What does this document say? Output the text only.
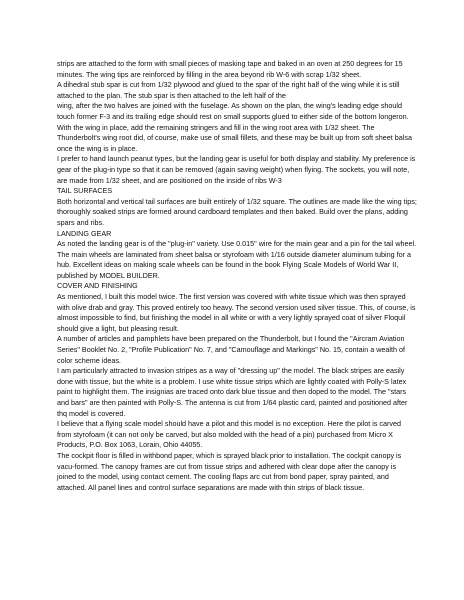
strips are attached to the form with small pieces of masking tape and baked in an oven at 250 degrees for 15 minutes. The wing tips are reinforced by filling in the area beyond rib W-6 with scrap 1/32 sheet.

A dihedral stub spar is cut from 1/32 plywood and glued to the spar of the right half of the wing while it is still attached to the plan. The stub spar is then attached to the left half of the

wing, after the two halves are joined with the fuselage. As shown on the plan, the wing's leading edge should touch former F-3 and its trailing edge should rest on small supports glued to either side of the bottom longeron. With the wing in place, add the remaining stringers and fill in the wing root area with 1/32 sheet. The Thunderbolt's wing root did, of course, make use of small fillets, and these may be built up from soft sheet balsa once the wing is in place.

I prefer to hand launch peanut types, but the landing gear is useful for both display and stability. My preference is gear of the plug-in type so that it can be removed (again saving weight) when flying. The sockets, you will note, are made from 1/32 sheet, and are positioned on the inside of ribs W-3

TAIL SURFACES

Both horizontal and vertical tail surfaces are built entirely of 1/32 square. The outlines are made like the wing tips; thoroughly soaked strips are formed around cardboard templates and then baked. Build over the plans, adding spars and ribs.

LANDING GEAR

As noted the landing gear is of the "plug-in" variety. Use 0.015" wire for the main gear and a pin for the tail wheel. The main wheels are laminated from sheet balsa or styrofoam with 1/16 outside diameter aluminum tubing for a hub. Excellent ideas on making scale wheels can be found in the book Flying Scale Models of World War II, published by MODEL BUILDER.

COVER AND FINISHING

As mentioned, I built this model twice. The first version was covered with white tissue which was then sprayed with olive drab and gray. This proved entirely too heavy. The second version used silver tissue. This, of course, is almost impossible to find, but finishing the model in all white or with a very lightly sprayed coat of silver Floquil should give a light, but pleasing result.

A number of articles and pamphlets have been prepared on the Thunderbolt, but I found the "Aircram Aviation Series" Booklet No. 2, "Profile Publication" No. 7, and "Camouflage and Markings" No. 15, contain a wealth of color scheme ideas.

I am particularly attracted to invasion stripes as a way of "dressing up" the model. The black stripes are easily done with tissue, but the white is a problem. I use white tissue strips which are lightly coated with Polly-S latex paint to highlight them. The insignias are traced onto dark blue tissue and then doped to the model. The "stars and bars" are then painted with Polly-S. The antenna is cut from 1/64 plastic card, painted and positioned after thq model is covered.

I believe that a flying scale model should have a pilot and this model is no exception. Here the pilot is carved from styrofoam (it can not only be carved, but also molded with the head of a pin) purchased from Micro X Products, P.O. Box 1063, Lorain, Ohio 44055.

The cockpit floor is filled in withbond paper, which is sprayed black prior to installation. The cockpit canopy is vacu-formed. The canopy frames are cut from tissue strips and adhered with clear dope after the canopy is joined to the model, using contact cement. The cooling flaps arc cut from bond paper, spray painted, and attached. All panel lines and control surface separations are made with thin strips of black tissue.
